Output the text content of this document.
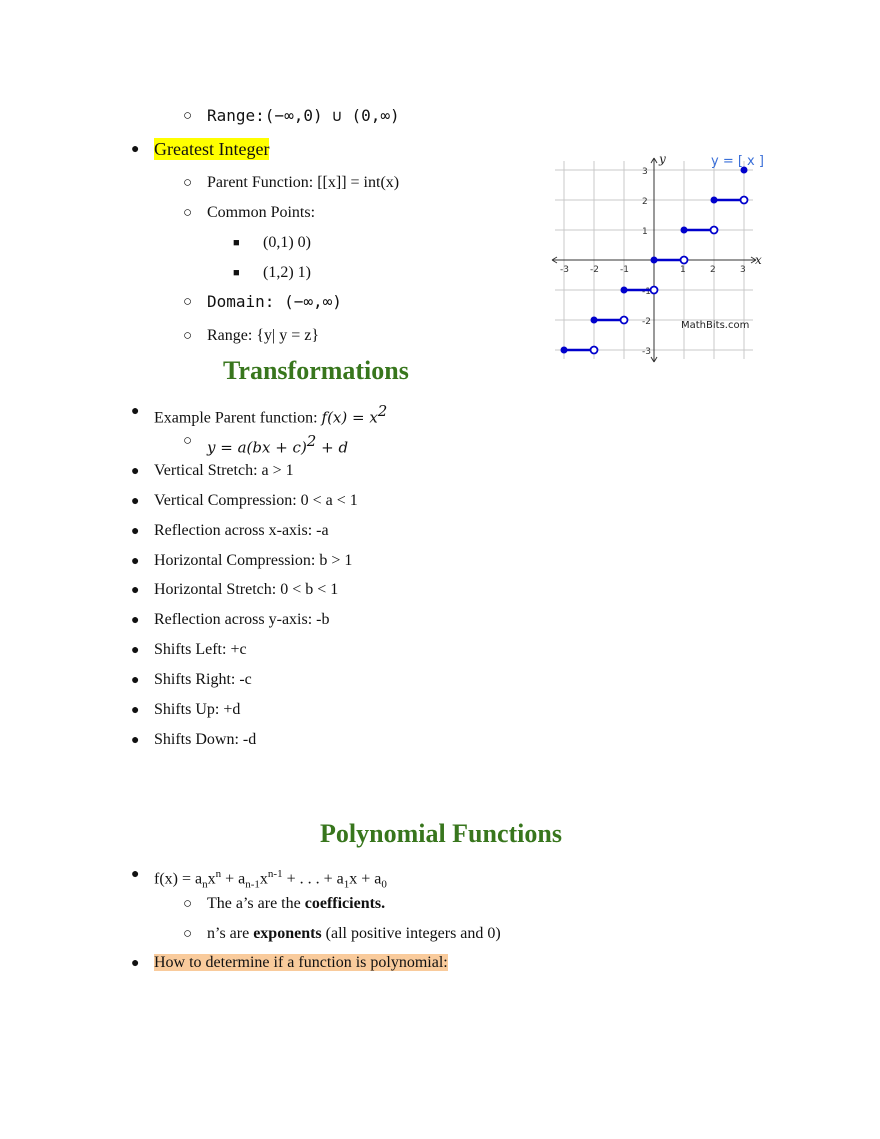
○ Range:(−∞,0) ∪ (0,∞)
● Greatest Integer
○ Parent Function: [[x]] = int(x)
○ Common Points:
■ (0,1) 0)
■ (1,2) 1)
○ Domain: (−∞,∞)
○ Range: {y| y = z}
-3 -2 -1	1	2	3
3
2
1
-1
-2
-3
y = [ x ]
MathBits.com
x
y
Transformations
● Example Parent function: $f(x) = x^2$
○ y = a(bx + c)$^2$ + d
● Vertical Stretch: a > 1
● Vertical Compression: 0 < a < 1
● Reflection across x-axis: -a
● Horizontal Compression: b > 1
● Horizontal Stretch: 0 < b < 1
● Reflection across y-axis: -b
● Shifts Left: +c
● Shifts Right: -c
● Shifts Up: +d
● Shifts Down: -d
Polynomial Functions
● $f(x) = a_nx^n + a_{n-1}x^{n-1}$ + . . . + $a_1x + a_0$
○ The a’s are the coefficients.
○ n’s are exponents (all positive integers and 0)
● How to determine if a function is polynomial:
